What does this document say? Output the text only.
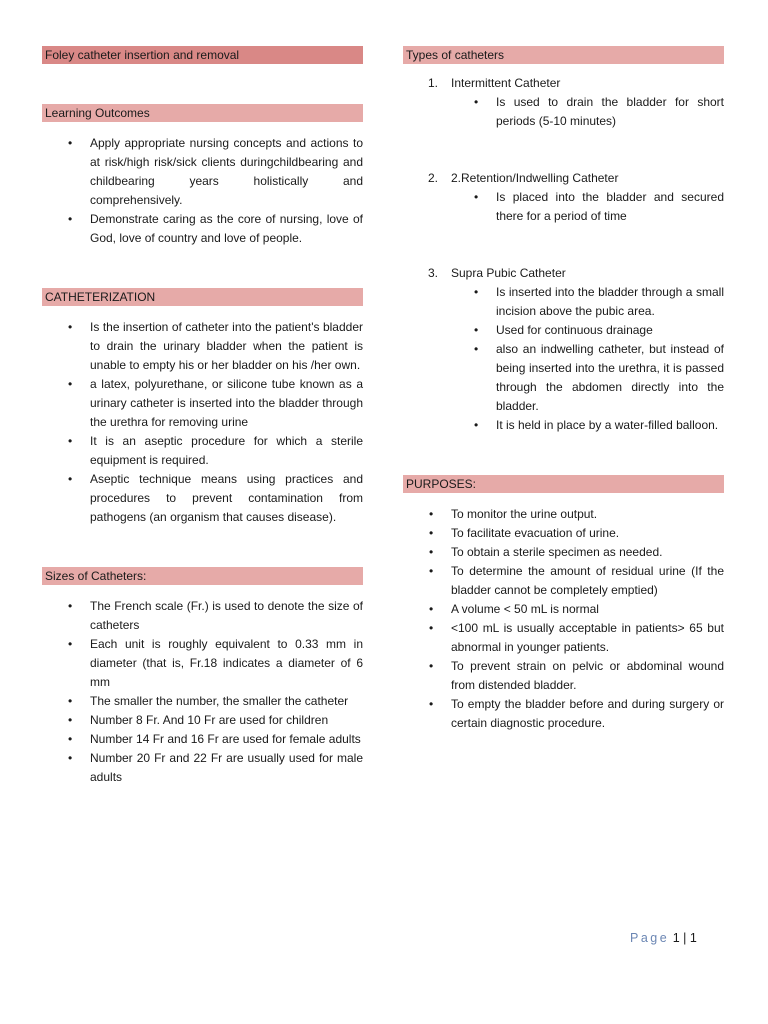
Foley catheter insertion and removal
Learning Outcomes
• Apply appropriate nursing concepts and actions to at risk/high risk/sick clients duringchildbearing and childbearing years holistically and comprehensively.
• Demonstrate caring as the core of nursing, love of God, love of country and love of people.
CATHETERIZATION
• Is the insertion of catheter into the patient's bladder to drain the urinary bladder when the patient is unable to empty his or her bladder on his /her own.
• a latex, polyurethane, or silicone tube known as a urinary catheter is inserted into the bladder through the urethra for removing urine
• It is an aseptic procedure for which a sterile equipment is required.
• Aseptic technique means using practices and procedures to prevent contamination from pathogens (an organism that causes disease).
Sizes of Catheters:
• The French scale (Fr.) is used to denote the size of catheters
• Each unit is roughly equivalent to 0.33 mm in diameter (that is, Fr.18 indicates a diameter of 6 mm
• The smaller the number, the smaller the catheter
• Number 8 Fr. And 10 Fr are used for children
• Number 14 Fr and 16 Fr are used for female adults
• Number 20 Fr and 22 Fr are usually used for male adults
Types of catheters
1. Intermittent Catheter
• Is used to drain the bladder for short periods (5-10 minutes)
2. 2.Retention/Indwelling Catheter
• Is placed into the bladder and secured there for a period of time
3. Supra Pubic Catheter
• Is inserted into the bladder through a small incision above the pubic area.
• Used for continuous drainage
• also an indwelling catheter, but instead of being inserted into the urethra, it is passed through the abdomen directly into the bladder.
• It is held in place by a water-filled balloon.
PURPOSES:
• To monitor the urine output.
• To facilitate evacuation of urine.
• To obtain a sterile specimen as needed.
• To determine the amount of residual urine (If the bladder cannot be completely emptied)
• A volume < 50 mL is normal
• <100 mL is usually acceptable in patients> 65 but abnormal in younger patients.
• To prevent strain on pelvic or abdominal wound from distended bladder.
• To empty the bladder before and during surgery or certain diagnostic procedure.
Page 1 | 1
